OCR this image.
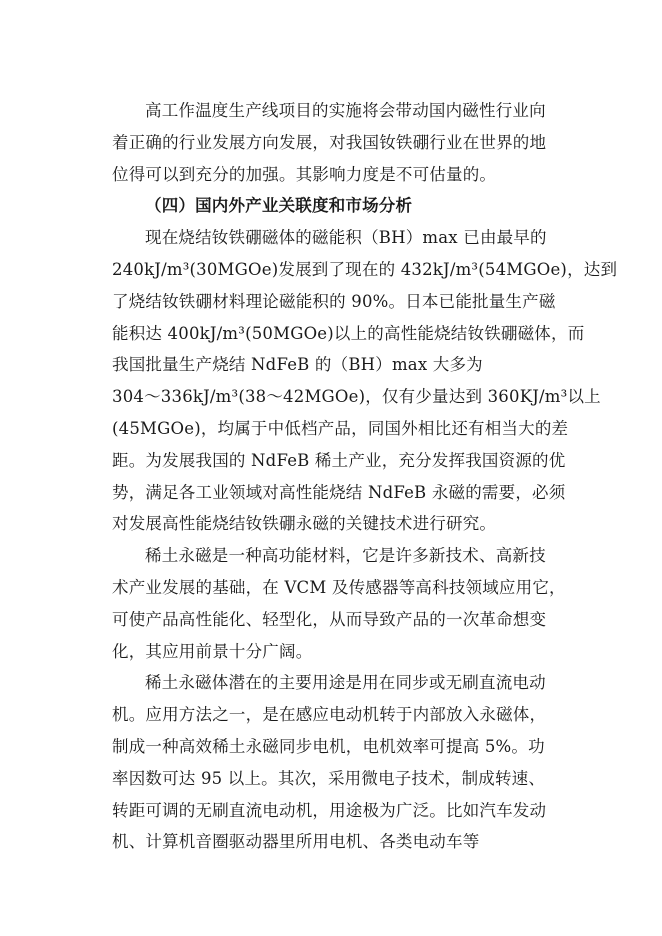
高工作温度生产线项目的实施将会带动国内磁性行业向
着正确的行业发展方向发展，对我国钕铁硼行业在世界的地
位得可以到充分的加强。其影响力度是不可估量的。
（四）国内外产业关联度和市场分析
现在烧结钕铁硼磁体的磁能积（BH）max 已由最早的
240kJ/m³(30MGOe)发展到了现在的 432kJ/m³(54MGOe)，达到
了烧结钕铁硼材料理论磁能积的 90%。日本已能批量生产磁
能积达 400kJ/m³(50MGOe)以上的高性能烧结钕铁硼磁体，而
我国批量生产烧结 NdFeB 的（BH）max 大多为
304～336kJ/m³(38～42MGOe)，仅有少量达到 360KJ/m³以上
(45MGOe)，均属于中低档产品，同国外相比还有相当大的差
距。为发展我国的 NdFeB 稀土产业，充分发挥我国资源的优
势，满足各工业领域对高性能烧结 NdFeB 永磁的需要，必须
对发展高性能烧结钕铁硼永磁的关键技术进行研究。
稀土永磁是一种高功能材料，它是许多新技术、高新技
术产业发展的基础，在 VCM 及传感器等高科技领域应用它，
可使产品高性能化、轻型化，从而导致产品的一次革命想变
化，其应用前景十分广阔。
稀土永磁体潜在的主要用途是用在同步或无刷直流电动
机。应用方法之一，是在感应电动机转于内部放入永磁体，
制成一种高效稀土永磁同步电机，电机效率可提高 5%。功
率因数可达 95 以上。其次，采用微电子技术，制成转速、
转距可调的无刷直流电动机，用途极为广泛。比如汽车发动
机、计算机音圈驱动器里所用电机、各类电动车等
